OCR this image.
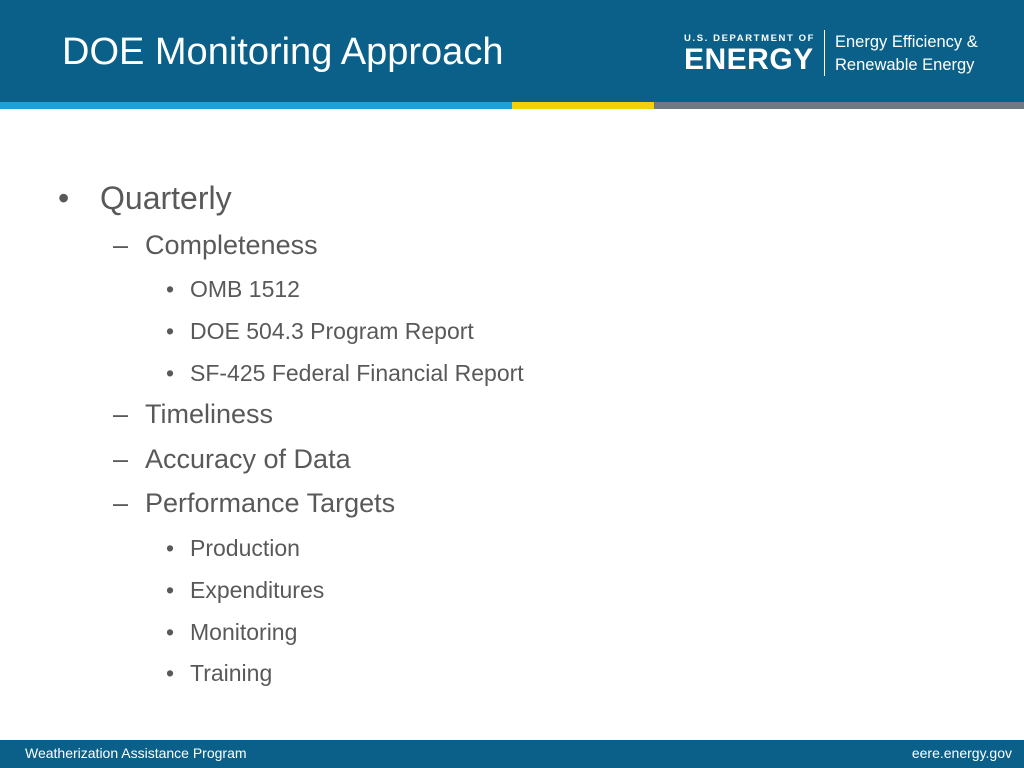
DOE Monitoring Approach	U.S. DEPARTMENT OF
ENERGY
Energy Efficiency &
Renewable Energy
• Quarterly
– Completeness
• OMB 1512
• DOE 504.3 Program Report
• SF-425 Federal Financial Report
– Timeliness
– Accuracy of Data
– Performance Targets
• Production
• Expenditures
• Monitoring
• Training
Weatherization Assistance Program	eere.energy.gov
